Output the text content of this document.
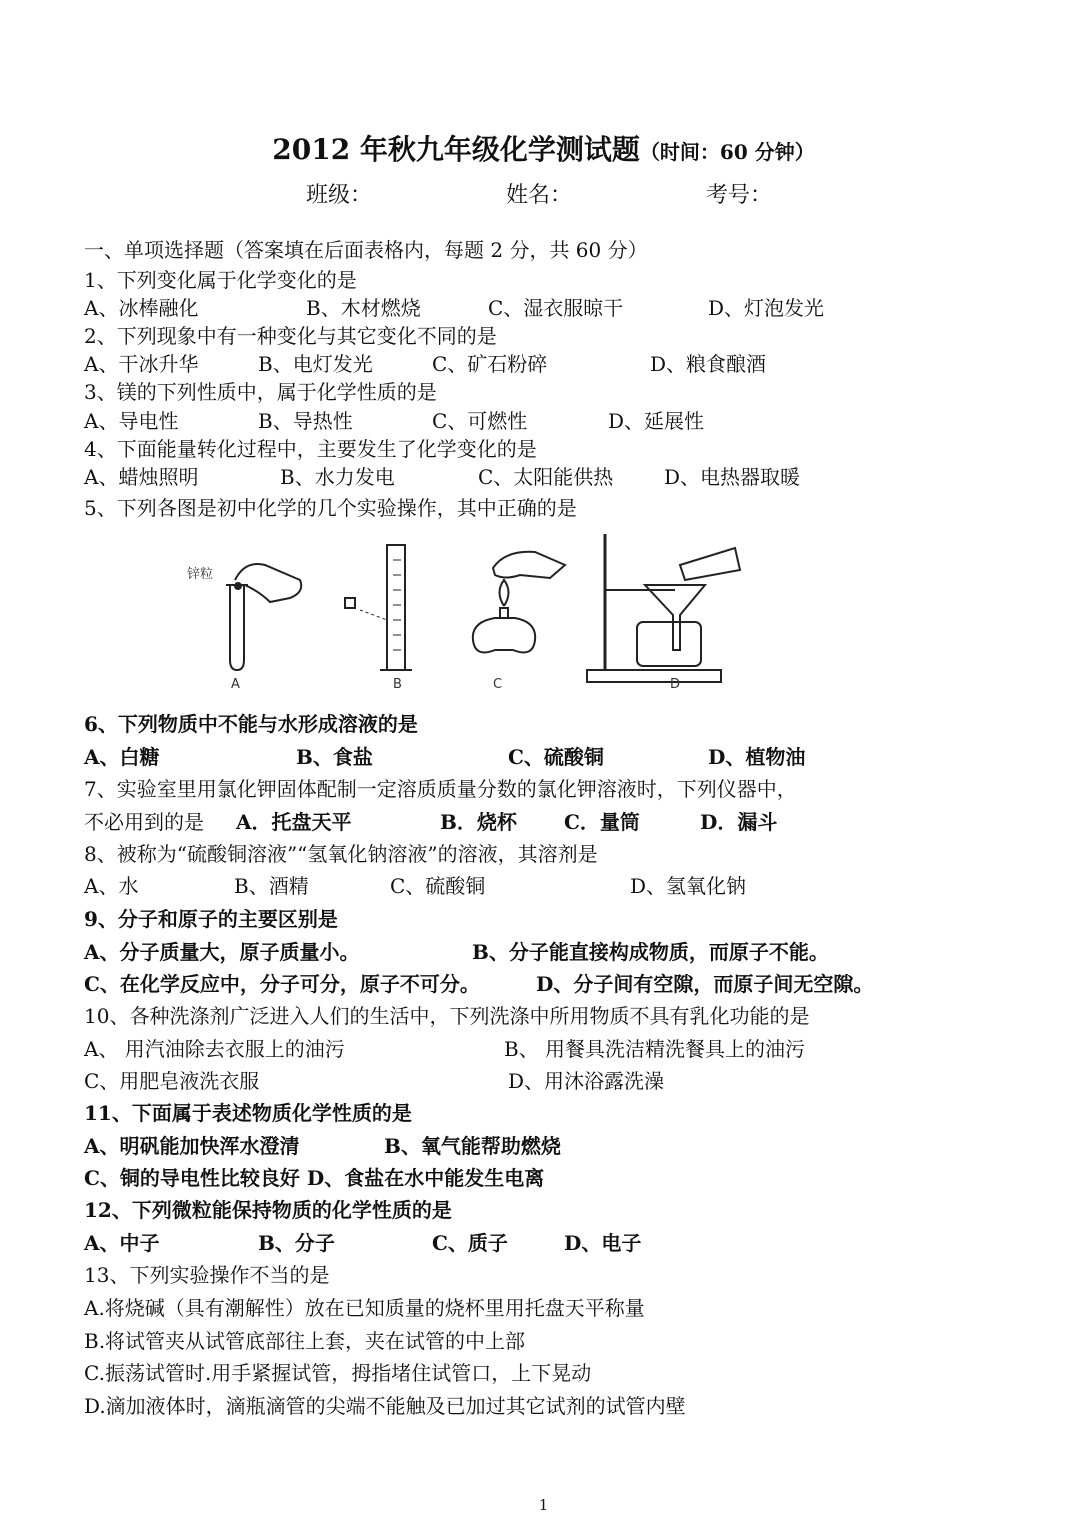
2012 年秋九年级化学测试题（时间：60 分钟）
班级：	姓名：	考号：
一、单项选择题（答案填在后面表格内，每题 2 分，共 60 分）
1、下列变化属于化学变化的是
A、冰棒融化	B、木材燃烧	C、湿衣服晾干	D、灯泡发光
2、下列现象中有一种变化与其它变化不同的是
A、干冰升华	B、电灯发光	C、矿石粉碎	D、粮食酿酒
3、镁的下列性质中，属于化学性质的是
A、导电性	B、导热性	C、可燃性	D、延展性
4、下面能量转化过程中，主要发生了化学变化的是
A、蜡烛照明	B、水力发电	C、太阳能供热	D、电热器取暖
5、下列各图是初中化学的几个实验操作，其中正确的是
锌粒
A	B	C	D
6、下列物质中不能与水形成溶液的是
A、白糖	B、食盐	C、硫酸铜	D、植物油
7、实验室里用氯化钾固体配制一定溶质质量分数的氯化钾溶液时，下列仪器中，
不必用到的是 A．托盘天平	B．烧杯 C．量筒	D．漏斗
8、被称为“硫酸铜溶液”“氢氧化钠溶液”的溶液，其溶剂是
A、水	B、酒精	C、硫酸铜	D、氢氧化钠
9、分子和原子的主要区别是
A、分子质量大，原子质量小。	B、分子能直接构成物质，而原子不能。
C、在化学反应中，分子可分，原子不可分。	D、分子间有空隙，而原子间无空隙。
10、各种洗涤剂广泛进入人们的生活中，下列洗涤中所用物质不具有乳化功能的是
A、 用汽油除去衣服上的油污	B、 用餐具洗洁精洗餐具上的油污
C、用肥皂液洗衣服	D、用沐浴露洗澡
11、下面属于表述物质化学性质的是
A、明矾能加快浑水澄清	B、氧气能帮助燃烧
C、铜的导电性比较良好 D、食盐在水中能发生电离
12、下列微粒能保持物质的化学性质的是
A、中子	B、分子	C、质子	D、电子
13、下列实验操作不当的是
A.将烧碱（具有潮解性）放在已知质量的烧杯里用托盘天平称量
B.将试管夹从试管底部往上套，夹在试管的中上部
C.振荡试管时.用手紧握试管，拇指堵住试管口，上下晃动
D.滴加液体时，滴瓶滴管的尖端不能触及已加过其它试剂的试管内壁
1
